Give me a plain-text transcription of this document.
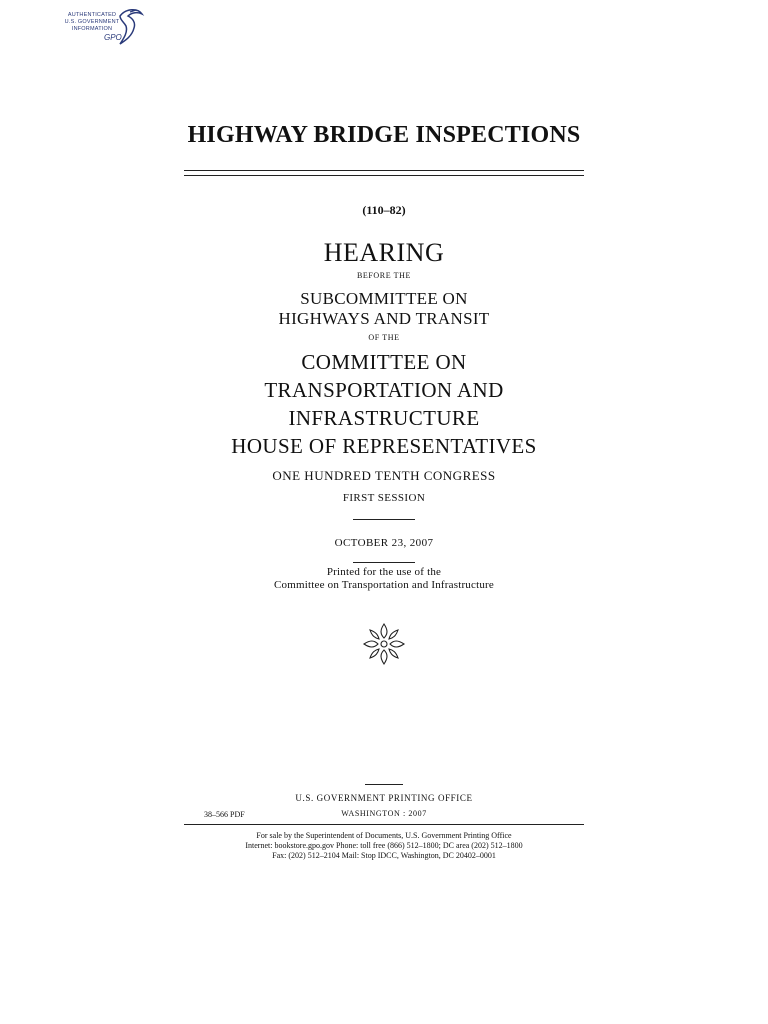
AUTHENTICATED
U.S. GOVERNMENT
INFORMATION
GPO
HIGHWAY BRIDGE INSPECTIONS
(110–82)
HEARING
BEFORE THE
SUBCOMMITTEE ON
HIGHWAYS AND TRANSIT
OF THE
COMMITTEE ON
TRANSPORTATION AND
INFRASTRUCTURE
HOUSE OF REPRESENTATIVES
ONE HUNDRED TENTH CONGRESS
FIRST SESSION
OCTOBER 23, 2007
Printed for the use of the
Committee on Transportation and Infrastructure
U.S. GOVERNMENT PRINTING OFFICE
38–566 PDF	WASHINGTON : 2007
For sale by the Superintendent of Documents, U.S. Government Printing Office
Internet: bookstore.gpo.gov Phone: toll free (866) 512–1800; DC area (202) 512–1800
Fax: (202) 512–2104 Mail: Stop IDCC, Washington, DC 20402–0001
